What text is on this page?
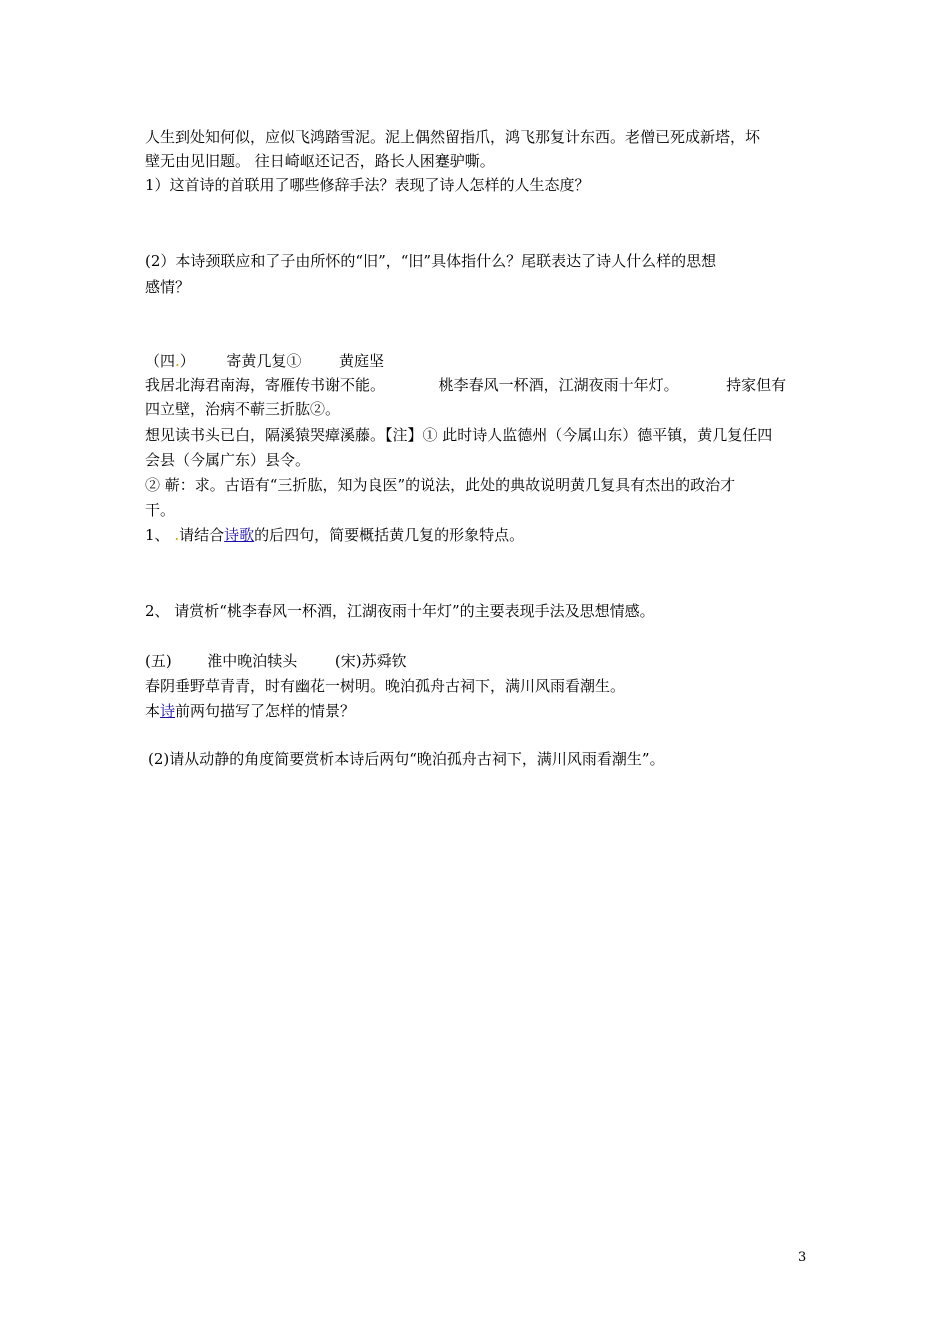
人生到处知何似，应似飞鸿踏雪泥。泥上偶然留指爪，鸿飞那复计东西。老僧已死成新塔，坏
壁无由见旧题。 往日崎岖还记否，路长人困蹇驴嘶。
1）这首诗的首联用了哪些修辞手法？表现了诗人怎样的人生态度？
(2）本诗颈联应和了子由所怀的“旧”，“旧”具体指什么？尾联表达了诗人什么样的思想
感情？
（四.） 寄黄几复①	黄庭坚
我居北海君南海，寄雁传书谢不能。	桃李春风一杯酒，江湖夜雨十年灯。	持家但有
四立壁，治病不蕲三折肱②。
想见读书头已白，隔溪猿哭瘴溪藤。【注】① 此时诗人监德州（今属山东）德平镇，黄几复任四
会县（今属广东）县令。
② 蕲：求。古语有“三折肱，知为良医”的说法，此处的典故说明黄几复具有杰出的政治才
干。
1、 .请结合诗歌的后四句，简要概括黄几复的形象特点。
2、 请赏析“桃李春风一杯酒，江湖夜雨十年灯”的主要表现手法及思想情感。
(五) 淮中晚泊犊头	(宋)苏舜钦
春阴垂野草青青，时有幽花一树明。晚泊孤舟古祠下，满川风雨看潮生。
本诗前两句描写了怎样的情景？
(2)请从动静的角度简要赏析本诗后两句“晚泊孤舟古祠下，满川风雨看潮生”。
3
